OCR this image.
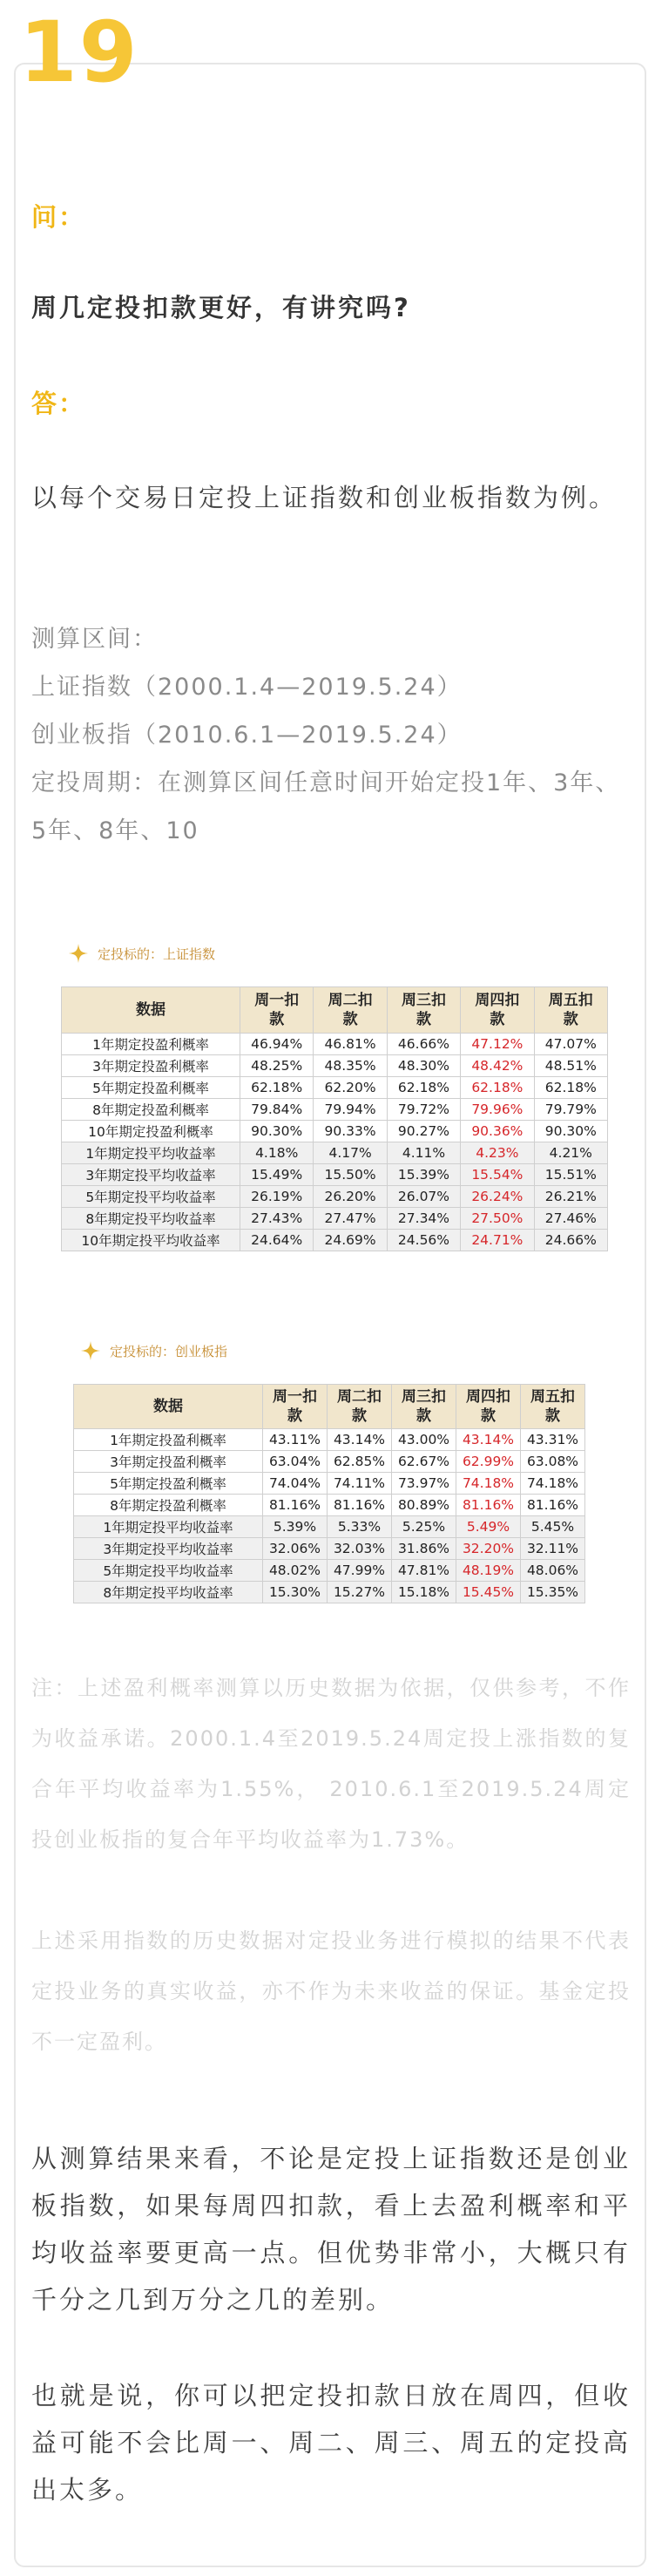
19
问：
周几定投扣款更好，有讲究吗?
答：
以每个交易日定投上证指数和创业板指数为例。
测算区间：
上证指数（2000.1.4—2019.5.24）
创业板指（2010.6.1—2019.5.24）
定投周期：在测算区间任意时间开始定投1年、3年、5年、8年、10
定投标的：上证指数
数据	周一扣款	周二扣款	周三扣款	周四扣款	周五扣款
1年期定投盈利概率	46.94%	46.81%	46.66%	47.12%	47.07%
3年期定投盈利概率	48.25%	48.35%	48.30%	48.42%	48.51%
5年期定投盈利概率	62.18%	62.20%	62.18%	62.18%	62.18%
8年期定投盈利概率	79.84%	79.94%	79.72%	79.96%	79.79%
10年期定投盈利概率	90.30%	90.33%	90.27%	90.36%	90.30%
1年期定投平均收益率	4.18%	4.17%	4.11%	4.23%	4.21%
3年期定投平均收益率	15.49%	15.50%	15.39%	15.54%	15.51%
5年期定投平均收益率	26.19%	26.20%	26.07%	26.24%	26.21%
8年期定投平均收益率	27.43%	27.47%	27.34%	27.50%	27.46%
10年期定投平均收益率	24.64%	24.69%	24.56%	24.71%	24.66%
定投标的：创业板指
数据	周一扣款	周二扣款	周三扣款	周四扣款	周五扣款
1年期定投盈利概率	43.11%	43.14%	43.00%	43.14%	43.31%
3年期定投盈利概率	63.04%	62.85%	62.67%	62.99%	63.08%
5年期定投盈利概率	74.04%	74.11%	73.97%	74.18%	74.18%
8年期定投盈利概率	81.16%	81.16%	80.89%	81.16%	81.16%
1年期定投平均收益率	5.39%	5.33%	5.25%	5.49%	5.45%
3年期定投平均收益率	32.06%	32.03%	31.86%	32.20%	32.11%
5年期定投平均收益率	48.02%	47.99%	47.81%	48.19%	48.06%
8年期定投平均收益率	15.30%	15.27%	15.18%	15.45%	15.35%
注：上述盈利概率测算以历史数据为依据，仅供参考，不作为收益承诺。2000.1.4至2019.5.24周定投上涨指数的复合年平均收益率为1.55%， 2010.6.1至2019.5.24周定投创业板指的复合年平均收益率为1.73%。
上述采用指数的历史数据对定投业务进行模拟的结果不代表定投业务的真实收益，亦不作为未来收益的保证。基金定投不一定盈利。
从测算结果来看，不论是定投上证指数还是创业板指数，如果每周四扣款，看上去盈利概率和平均收益率要更高一点。但优势非常小，大概只有千分之几到万分之几的差别。
也就是说，你可以把定投扣款日放在周四，但收益可能不会比周一、周二、周三、周五的定投高出太多。
